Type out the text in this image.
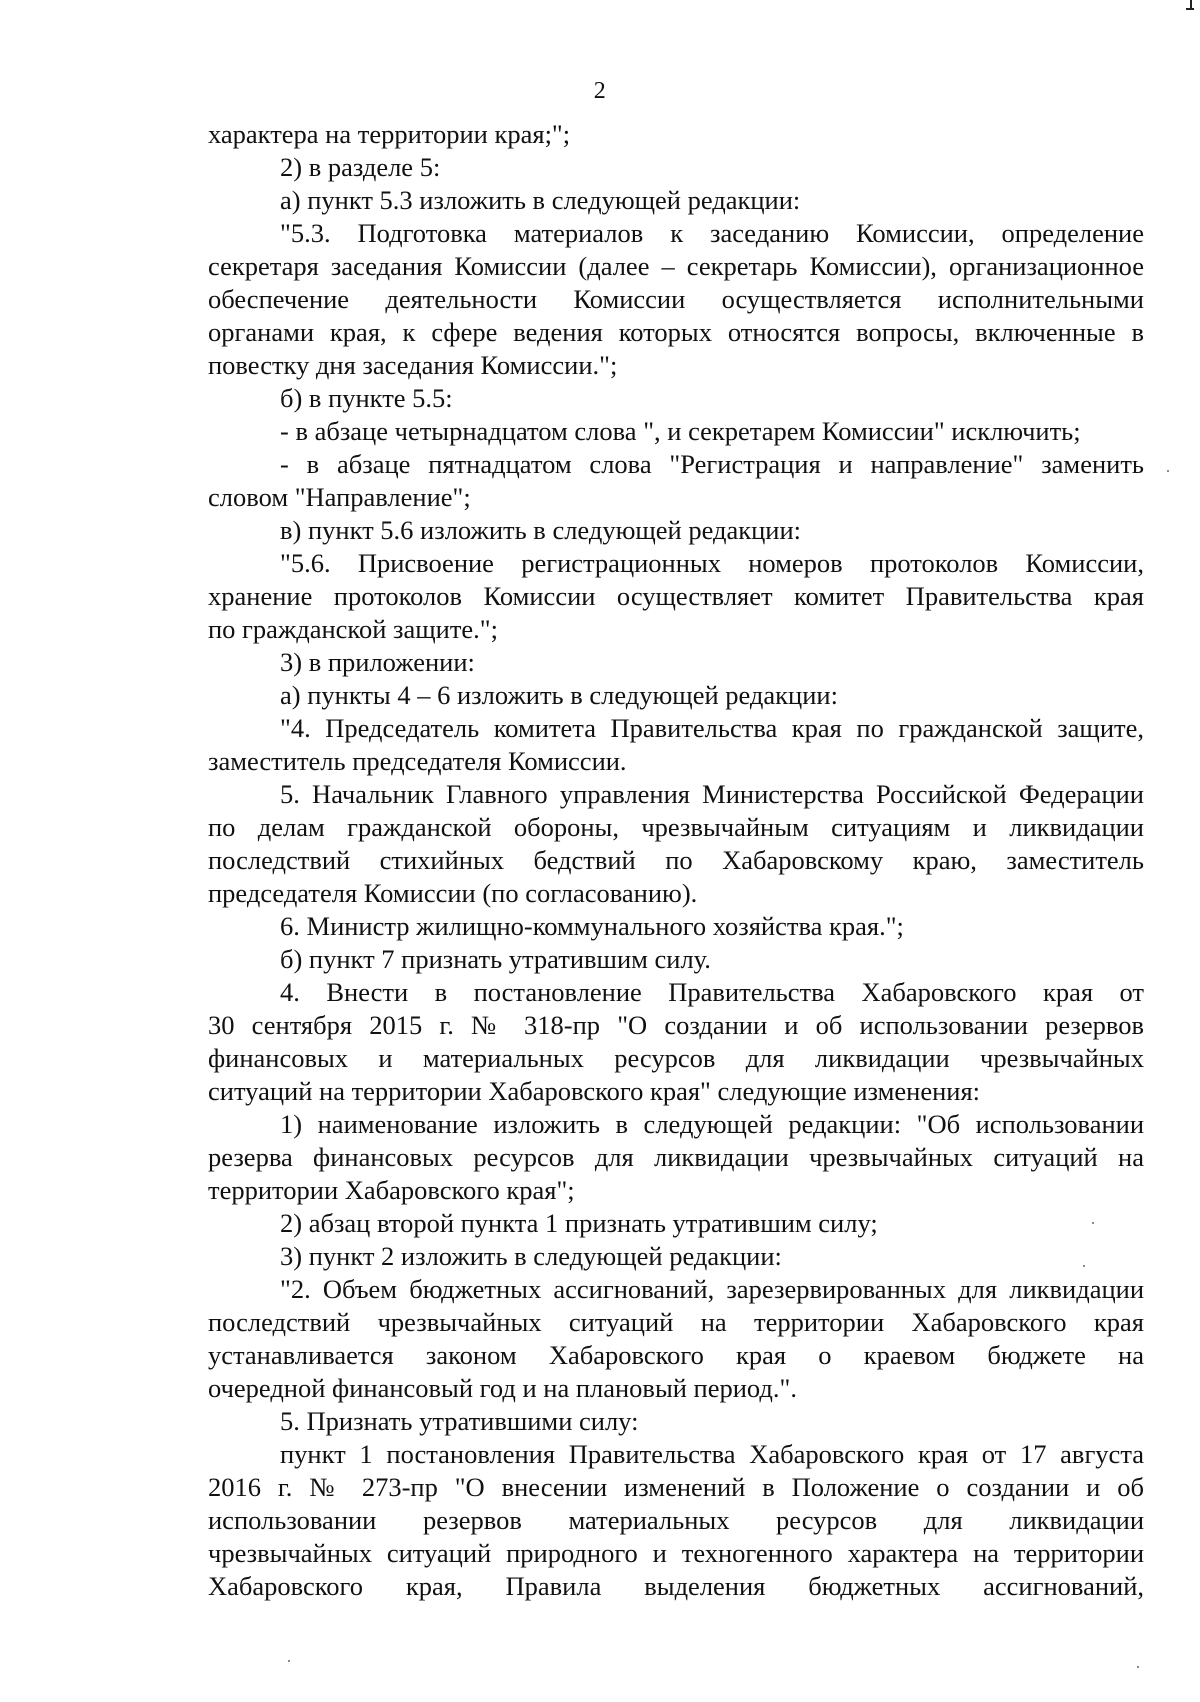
2

характера на территории края;";

2) в разделе 5:

а) пункт 5.3 изложить в следующей редакции:

"5.3. Подготовка материалов к заседанию Комиссии, определение

секретаря заседания Комиссии (далее – секретарь Комиссии), организационное

обеспечение деятельности Комиссии осуществляется исполнительными

органами края, к сфере ведения которых относятся вопросы, включенные в

повестку дня заседания Комиссии.";

б) в пункте 5.5:

- в абзаце четырнадцатом слова ", и секретарем Комиссии" исключить;

- в абзаце пятнадцатом слова "Регистрация и направление" заменить

словом "Направление";

в) пункт 5.6 изложить в следующей редакции:

"5.6. Присвоение регистрационных номеров протоколов Комиссии,

хранение протоколов Комиссии осуществляет комитет Правительства края

по гражданской защите.";

3) в приложении:

а) пункты 4 – 6 изложить в следующей редакции:

"4. Председатель комитета Правительства края по гражданской защите,

заместитель председателя Комиссии.

5. Начальник Главного управления Министерства Российской Федерации

по делам гражданской обороны, чрезвычайным ситуациям и ликвидации

последствий стихийных бедствий по Хабаровскому краю, заместитель

председателя Комиссии (по согласованию).

6. Министр жилищно-коммунального хозяйства края.";

б) пункт 7 признать утратившим силу.

4. Внести в постановление Правительства Хабаровского края от

30 сентября 2015 г. № 318-пр "О создании и об использовании резервов

финансовых и материальных ресурсов для ликвидации чрезвычайных

ситуаций на территории Хабаровского края" следующие изменения:

1) наименование изложить в следующей редакции: "Об использовании

резерва финансовых ресурсов для ликвидации чрезвычайных ситуаций на

территории Хабаровского края";

2) абзац второй пункта 1 признать утратившим силу;

3) пункт 2 изложить в следующей редакции:

"2. Объем бюджетных ассигнований, зарезервированных для ликвидации

последствий чрезвычайных ситуаций на территории Хабаровского края

устанавливается законом Хабаровского края о краевом бюджете на

очередной финансовый год и на плановый период.".

5. Признать утратившими силу:

пункт 1 постановления Правительства Хабаровского края от 17 августа

2016 г. № 273-пр "О внесении изменений в Положение о создании и об

использовании резервов материальных ресурсов для ликвидации

чрезвычайных ситуаций природного и техногенного характера на территории

Хабаровского края, Правила выделения бюджетных ассигнований,
